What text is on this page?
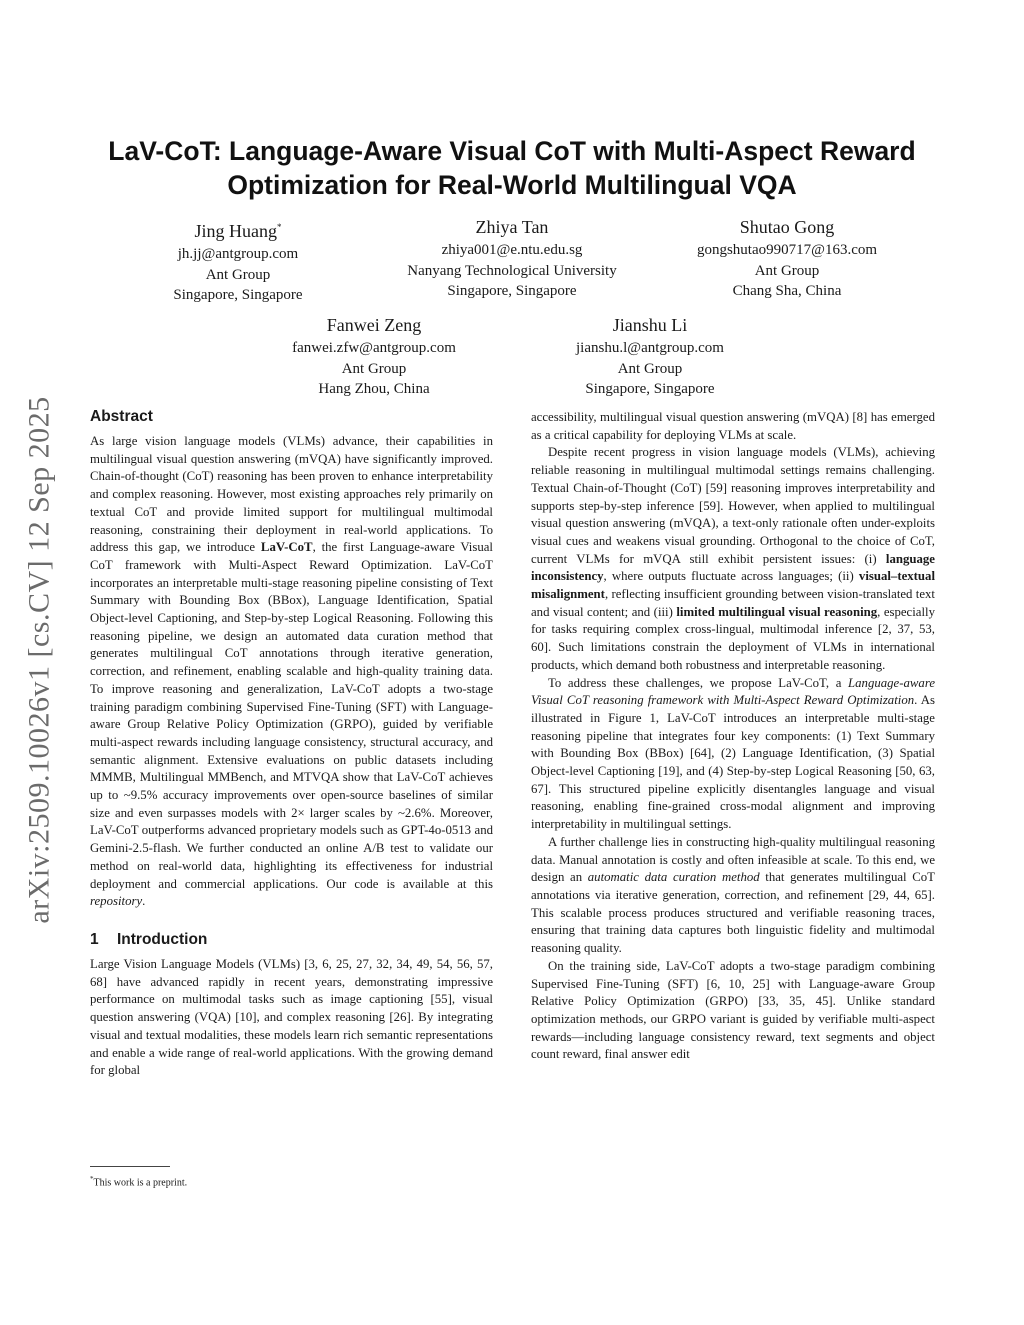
arXiv:2509.10026v1 [cs.CV] 12 Sep 2025
LaV-CoT: Language-Aware Visual CoT with Multi-Aspect Reward Optimization for Real-World Multilingual VQA
Jing Huang*
jh.jj@antgroup.com
Ant Group
Singapore, Singapore
Zhiya Tan
zhiya001@e.ntu.edu.sg
Nanyang Technological University
Singapore, Singapore
Shutao Gong
gongshutao990717@163.com
Ant Group
Chang Sha, China
Fanwei Zeng
fanwei.zfw@antgroup.com
Ant Group
Hang Zhou, China
Jianshu Li
jianshu.l@antgroup.com
Ant Group
Singapore, Singapore
Abstract

As large vision language models (VLMs) advance, their capabilities in multilingual visual question answering (mVQA) have significantly improved. Chain-of-thought (CoT) reasoning has been proven to enhance interpretability and complex reasoning. However, most existing approaches rely primarily on textual CoT and provide limited support for multilingual multimodal reasoning, constraining their deployment in real-world applications. To address this gap, we introduce LaV-CoT, the first Language-aware Visual CoT framework with Multi-Aspect Reward Optimization. LaV-CoT incorporates an interpretable multi-stage reasoning pipeline consisting of Text Summary with Bounding Box (BBox), Language Identification, Spatial Object-level Captioning, and Step-by-step Logical Reasoning. Following this reasoning pipeline, we design an automated data curation method that generates multilingual CoT annotations through iterative generation, correction, and refinement, enabling scalable and high-quality training data. To improve reasoning and generalization, LaV-CoT adopts a two-stage training paradigm combining Supervised Fine-Tuning (SFT) with Language-aware Group Relative Policy Optimization (GRPO), guided by verifiable multi-aspect rewards including language consistency, structural accuracy, and semantic alignment. Extensive evaluations on public datasets including MMMB, Multilingual MMBench, and MTVQA show that LaV-CoT achieves up to ~9.5% accuracy improvements over open-source baselines of similar size and even surpasses models with 2× larger scales by ~2.6%. Moreover, LaV-CoT outperforms advanced proprietary models such as GPT-4o-0513 and Gemini-2.5-flash. We further conducted an online A/B test to validate our method on real-world data, highlighting its effectiveness for industrial deployment and commercial applications. Our code is available at this repository.

1 Introduction

Large Vision Language Models (VLMs) [3, 6, 25, 27, 32, 34, 49, 54, 56, 57, 68] have advanced rapidly in recent years, demonstrating impressive performance on multimodal tasks such as image captioning [55], visual question answering (VQA) [10], and complex reasoning [26]. By integrating visual and textual modalities, these models learn rich semantic representations and enable a wide range of real-world applications. With the growing demand for global

accessibility, multilingual visual question answering (mVQA) [8] has emerged as a critical capability for deploying VLMs at scale.

Despite recent progress in vision language models (VLMs), achieving reliable reasoning in multilingual multimodal settings remains challenging. Textual Chain-of-Thought (CoT) [59] reasoning improves interpretability and supports step-by-step inference [59]. However, when applied to multilingual visual question answering (mVQA), a text-only rationale often under-exploits visual cues and weakens visual grounding. Orthogonal to the choice of CoT, current VLMs for mVQA still exhibit persistent issues: (i) language inconsistency, where outputs fluctuate across languages; (ii) visual–textual misalignment, reflecting insufficient grounding between vision-translated text and visual content; and (iii) limited multilingual visual reasoning, especially for tasks requiring complex cross-lingual, multimodal inference [2, 37, 53, 60]. Such limitations constrain the deployment of VLMs in international products, which demand both robustness and interpretable reasoning.

To address these challenges, we propose LaV-CoT, a Language-aware Visual CoT reasoning framework with Multi-Aspect Reward Optimization. As illustrated in Figure 1, LaV-CoT introduces an interpretable multi-stage reasoning pipeline that integrates four key components: (1) Text Summary with Bounding Box (BBox) [64], (2) Language Identification, (3) Spatial Object-level Captioning [19], and (4) Step-by-step Logical Reasoning [50, 63, 67]. This structured pipeline explicitly disentangles language and visual reasoning, enabling fine-grained cross-modal alignment and improving interpretability in multilingual settings.

A further challenge lies in constructing high-quality multilingual reasoning data. Manual annotation is costly and often infeasible at scale. To this end, we design an automatic data curation method that generates multilingual CoT annotations via iterative generation, correction, and refinement [29, 44, 65]. This scalable process produces structured and verifiable reasoning traces, ensuring that training data captures both linguistic fidelity and multimodal reasoning quality.

On the training side, LaV-CoT adopts a two-stage paradigm combining Supervised Fine-Tuning (SFT) [6, 10, 25] with Language-aware Group Relative Policy Optimization (GRPO) [33, 35, 45]. Unlike standard optimization methods, our GRPO variant is guided by verifiable multi-aspect rewards—including language consistency reward, text segments and object count reward, final answer edit

*This work is a preprint.
